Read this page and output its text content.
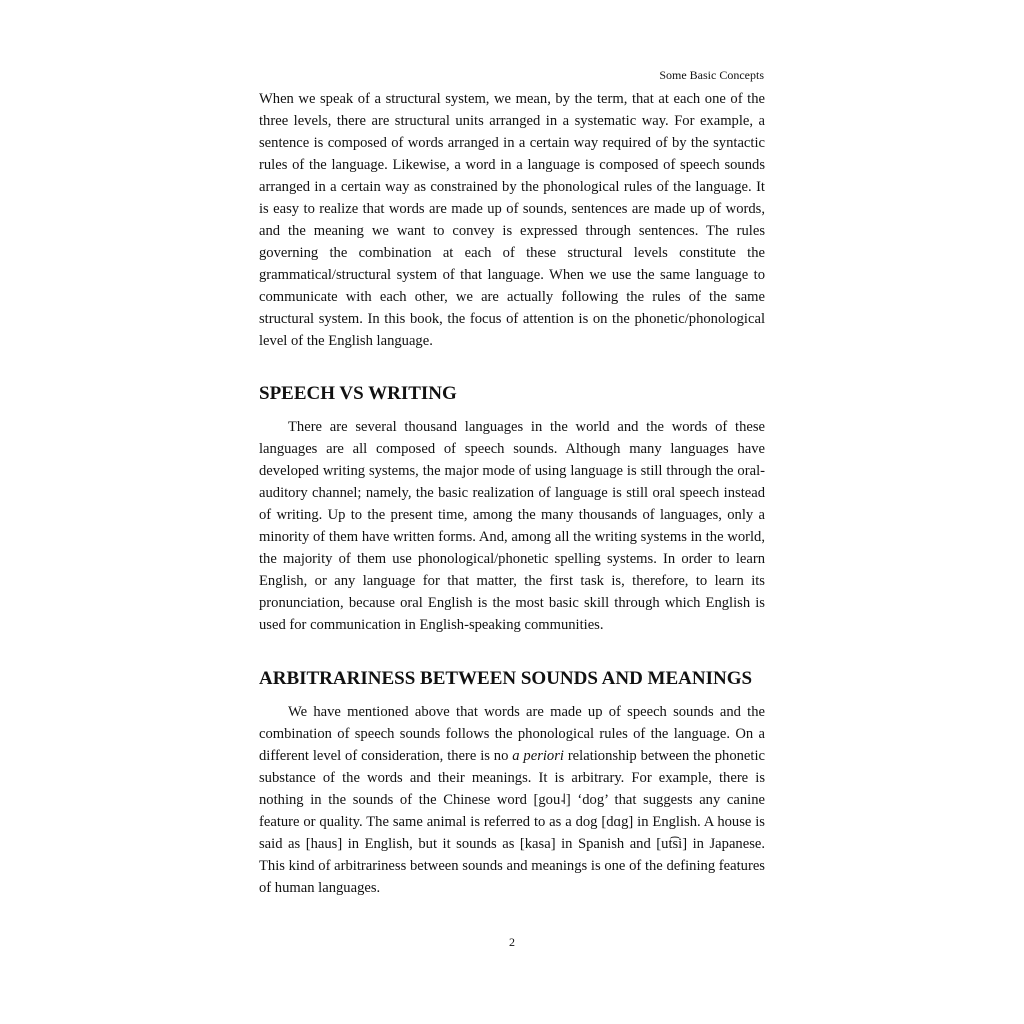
Some Basic Concepts

When we speak of a structural system, we mean, by the term, that at each one of the three levels, there are structural units arranged in a systematic way. For example, a sentence is composed of words arranged in a certain way required of by the syntactic rules of the language. Likewise, a word in a language is composed of speech sounds arranged in a certain way as constrained by the phonological rules of the language. It is easy to realize that words are made up of sounds, sentences are made up of words, and the meaning we want to convey is expressed through sentences. The rules governing the combination at each of these structural levels constitute the grammatical/structural system of that language. When we use the same language to communicate with each other, we are actually following the rules of the same structural system. In this book, the focus of attention is on the phonetic/phonological level of the English language.

SPEECH VS WRITING

There are several thousand languages in the world and the words of these languages are all composed of speech sounds. Although many languages have developed writing systems, the major mode of using language is still through the oral-auditory channel; namely, the basic realization of language is still oral speech instead of writing. Up to the present time, among the many thousands of languages, only a minority of them have written forms. And, among all the writing systems in the world, the majority of them use phonological/phonetic spelling systems. In order to learn English, or any language for that matter, the first task is, therefore, to learn its pronunciation, because oral English is the most basic skill through which English is used for communication in English-speaking communities.

ARBITRARINESS BETWEEN SOUNDS AND MEANINGS

We have mentioned above that words are made up of speech sounds and the combination of speech sounds follows the phonological rules of the language. On a different level of consideration, there is no a periori relationship between the phonetic substance of the words and their meanings. It is arbitrary. For example, there is nothing in the sounds of the Chinese word [gou˨] ‘dog’ that suggests any canine feature or quality. The same animal is referred to as a dog [dɑg] in English. A house is said as [haus] in English, but it sounds as [kasa] in Spanish and [ut͡si] in Japanese. This kind of arbitrariness between sounds and meanings is one of the defining features of human languages.

2
